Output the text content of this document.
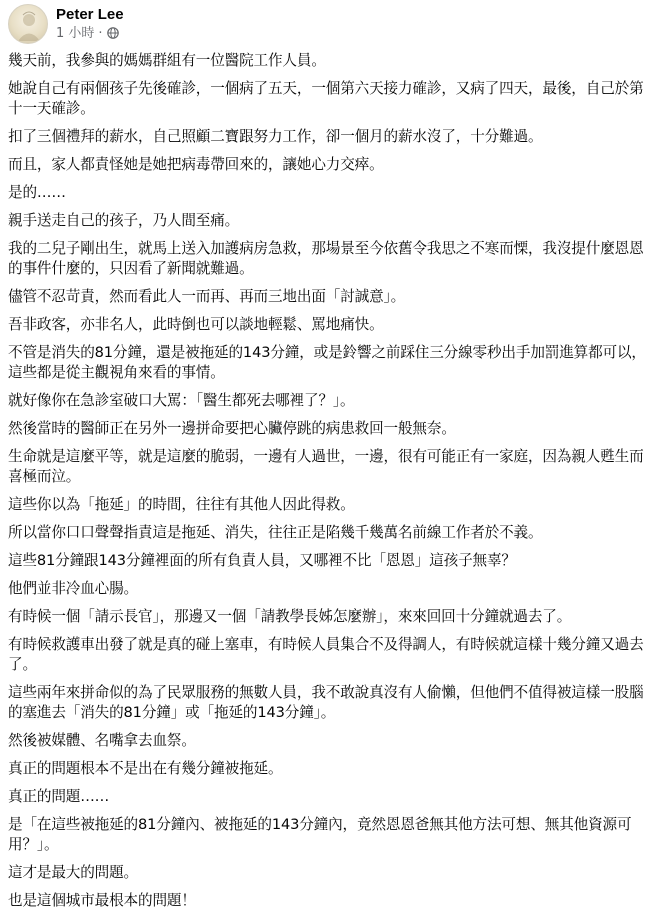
Peter Lee
1 小時 ·

幾天前，我參與的媽媽群組有一位醫院工作人員。

她說自己有兩個孩子先後確診，一個病了五天，一個第六天接力確診，又病了四天，最後，自己於第十一天確診。

扣了三個禮拜的薪水，自己照顧二寶跟努力工作，卻一個月的薪水沒了，十分難過。

而且，家人都責怪她是她把病毒帶回來的，讓她心力交瘁。

是的……

親手送走自己的孩子，乃人間至痛。

我的二兒子剛出生，就馬上送入加護病房急救，那場景至今依舊令我思之不寒而慄，我沒提什麼恩恩的事件什麼的，只因看了新聞就難過。

儘管不忍苛責，然而看此人一而再、再而三地出面「討誠意」。

吾非政客，亦非名人，此時倒也可以談地輕鬆、罵地痛快。

不管是消失的81分鐘，還是被拖延的143分鐘，或是鈴響之前踩住三分線零秒出手加罰進算都可以，這些都是從主觀視角來看的事情。

就好像你在急診室破口大罵：「醫生都死去哪裡了？」。

然後當時的醫師正在另外一邊拼命要把心臟停跳的病患救回一般無奈。

生命就是這麼平等，就是這麼的脆弱，一邊有人過世，一邊，很有可能正有一家庭，因為親人甦生而喜極而泣。

這些你以為「拖延」的時間，往往有其他人因此得救。

所以當你口口聲聲指責這是拖延、消失，往往正是陷幾千幾萬名前線工作者於不義。

這些81分鐘跟143分鐘裡面的所有負責人員，又哪裡不比「恩恩」這孩子無辜？

他們並非冷血心腸。

有時候一個「請示長官」，那邊又一個「請教學長姊怎麼辦」，來來回回十分鐘就過去了。

有時候救護車出發了就是真的碰上塞車，有時候人員集合不及得調人，有時候就這樣十幾分鐘又過去了。

這些兩年來拼命似的為了民眾服務的無數人員，我不敢說真沒有人偷懶，但他們不值得被這樣一股腦的塞進去「消失的81分鐘」或「拖延的143分鐘」。

然後被媒體、名嘴拿去血祭。

真正的問題根本不是出在有幾分鐘被拖延。

真正的問題……

是「在這些被拖延的81分鐘內、被拖延的143分鐘內，竟然恩恩爸無其他方法可想、無其他資源可用？」。

這才是最大的問題。

也是這個城市最根本的問題！
